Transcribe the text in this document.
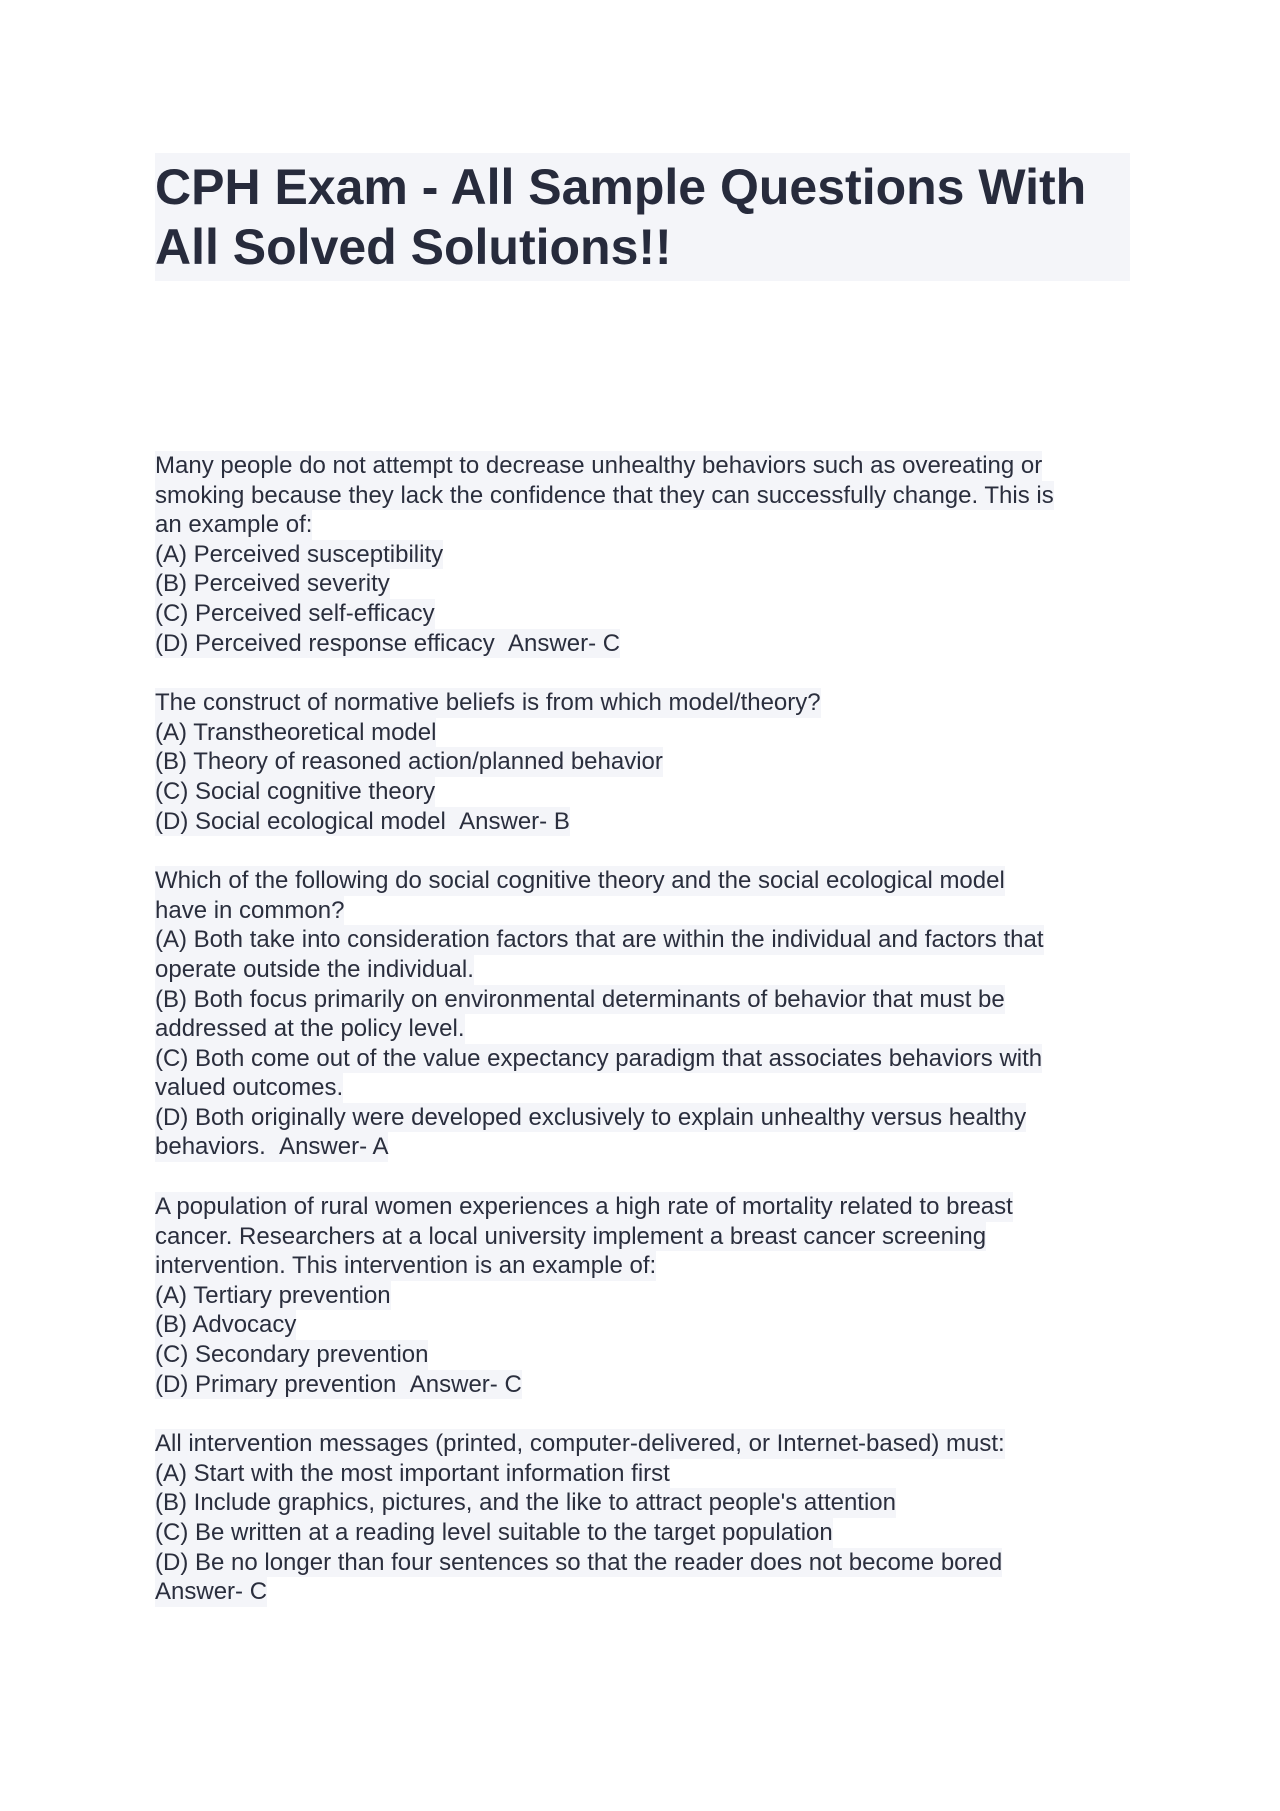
CPH Exam - All Sample Questions With
All Solved Solutions!!
Many people do not attempt to decrease unhealthy behaviors such as overeating or
smoking because they lack the confidence that they can successfully change. This is
an example of:
(A) Perceived susceptibility
(B) Perceived severity
(C) Perceived self-efficacy
(D) Perceived response efficacy Answer- C
The construct of normative beliefs is from which model/theory?
(A) Transtheoretical model
(B) Theory of reasoned action/planned behavior
(C) Social cognitive theory
(D) Social ecological model Answer- B
Which of the following do social cognitive theory and the social ecological model
have in common?
(A) Both take into consideration factors that are within the individual and factors that
operate outside the individual.
(B) Both focus primarily on environmental determinants of behavior that must be
addressed at the policy level.
(C) Both come out of the value expectancy paradigm that associates behaviors with
valued outcomes.
(D) Both originally were developed exclusively to explain unhealthy versus healthy
behaviors. Answer- A
A population of rural women experiences a high rate of mortality related to breast
cancer. Researchers at a local university implement a breast cancer screening
intervention. This intervention is an example of:
(A) Tertiary prevention
(B) Advocacy
(C) Secondary prevention
(D) Primary prevention Answer- C
All intervention messages (printed, computer-delivered, or Internet-based) must:
(A) Start with the most important information first
(B) Include graphics, pictures, and the like to attract people's attention
(C) Be written at a reading level suitable to the target population
(D) Be no longer than four sentences so that the reader does not become bored
Answer- C
